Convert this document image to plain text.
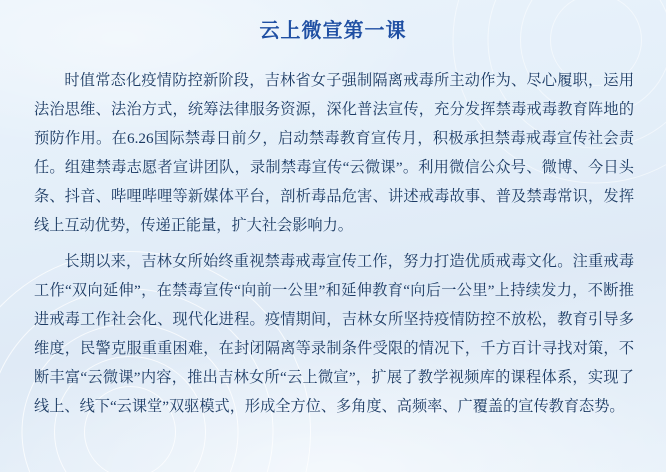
云上微宣第一课

时值常态化疫情防控新阶段，吉林省女子强制隔离戒毒所主动作为、尽心履职，运用法治思维、法治方式，统筹法律服务资源，深化普法宣传，充分发挥禁毒戒毒教育阵地的预防作用。在6.26国际禁毒日前夕，启动禁毒教育宣传月，积极承担禁毒戒毒宣传社会责任。组建禁毒志愿者宣讲团队，录制禁毒宣传“云微课”。利用微信公众号、微博、今日头条、抖音、哔哩哔哩等新媒体平台，剖析毒品危害、讲述戒毒故事、普及禁毒常识，发挥线上互动优势，传递正能量，扩大社会影响力。

长期以来，吉林女所始终重视禁毒戒毒宣传工作，努力打造优质戒毒文化。注重戒毒工作“双向延伸”，在禁毒宣传“向前一公里”和延伸教育“向后一公里”上持续发力，不断推进戒毒工作社会化、现代化进程。疫情期间，吉林女所坚持疫情防控不放松，教育引导多维度，民警克服重重困难，在封闭隔离等录制条件受限的情况下，千方百计寻找对策，不断丰富“云微课”内容，推出吉林女所“云上微宣”，扩展了教学视频库的课程体系，实现了线上、线下“云课堂”双驱模式，形成全方位、多角度、高频率、广覆盖的宣传教育态势。
